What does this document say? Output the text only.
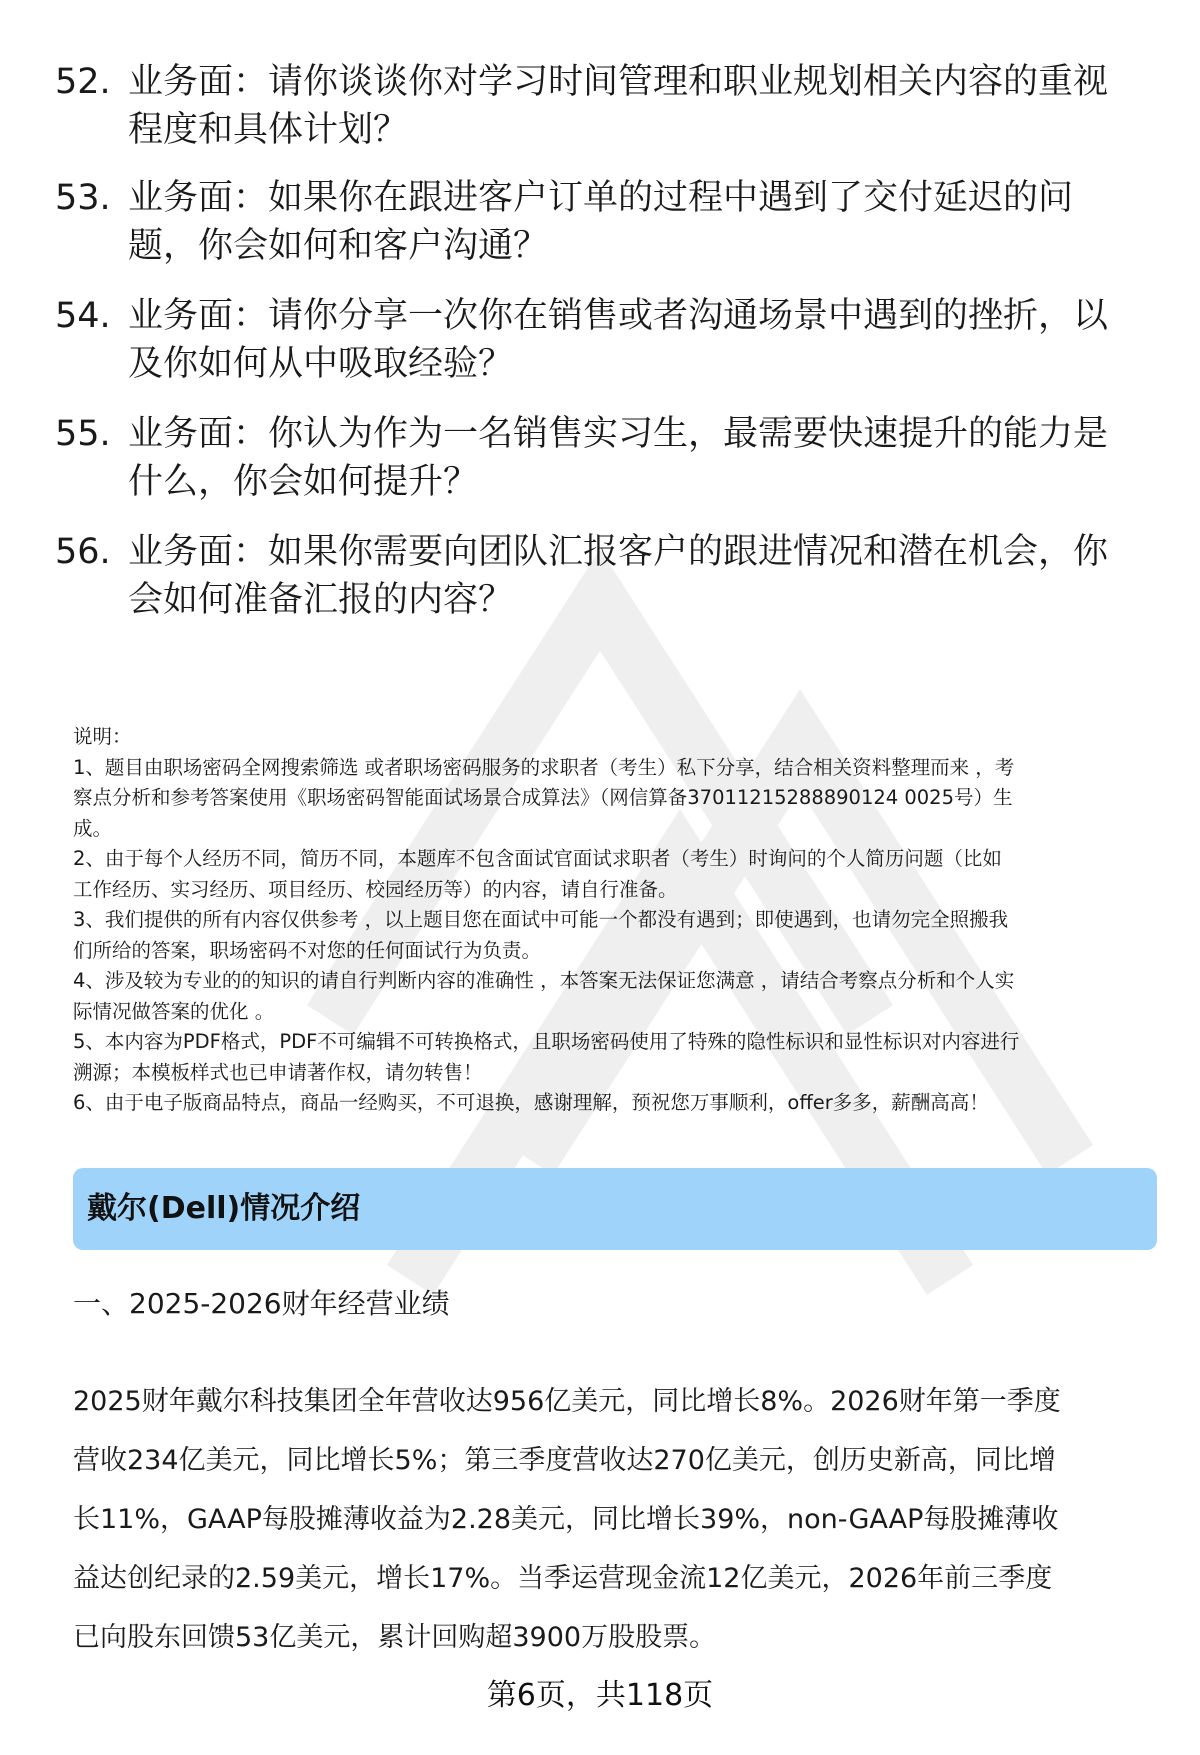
52. 业务面：请你谈谈你对学习时间管理和职业规划相关内容的重视
程度和具体计划？
53. 业务面：如果你在跟进客户订单的过程中遇到了交付延迟的问
题，你会如何和客户沟通？
54. 业务面：请你分享一次你在销售或者沟通场景中遇到的挫折，以
及你如何从中吸取经验？
55. 业务面：你认为作为一名销售实习生，最需要快速提升的能力是
什么，你会如何提升？
56. 业务面：如果你需要向团队汇报客户的跟进情况和潜在机会，你
会如何准备汇报的内容？

说明：

1、题目由职场密码全网搜索筛选 或者职场密码服务的求职者（考生）私下分享，结合相关资料整理而来 ，考

察点分析和参考答案使用《职场密码智能面试场景合成算法》（网信算备37011215288890124 0025号）生

成。

2、由于每个人经历不同，简历不同，本题库不包含面试官面试求职者（考生）时询问的个人简历问题（比如

工作经历、实习经历、项目经历、校园经历等）的内容，请自行准备。

3、我们提供的所有内容仅供参考 ，以上题目您在面试中可能一个都没有遇到；即使遇到，也请勿完全照搬我

们所给的答案，职场密码不对您的任何面试行为负责。

4、涉及较为专业的的知识的请自行判断内容的准确性 ，本答案无法保证您满意 ，请结合考察点分析和个人实

际情况做答案的优化 。

5、本内容为PDF格式，PDF不可编辑不可转换格式，且职场密码使用了特殊的隐性标识和显性标识对内容进行

溯源；本模板样式也已申请著作权，请勿转售！

6、由于电子版商品特点，商品一经购买，不可退换，感谢理解，预祝您万事顺利，offer多多，薪酬高高！

戴尔(Dell)情况介绍
一、2025-2026财年经营业绩
2025财年戴尔科技集团全年营收达956亿美元，同比增长8%。2026财年第一季度
营收234亿美元，同比增长5%；第三季度营收达270亿美元，创历史新高，同比增
长11%，GAAP每股摊薄收益为2.28美元，同比增长39%，non-GAAP每股摊薄收
益达创纪录的2.59美元，增长17%。当季运营现金流12亿美元，2026年前三季度
已向股东回馈53亿美元，累计回购超3900万股股票。
第6页，共118页
